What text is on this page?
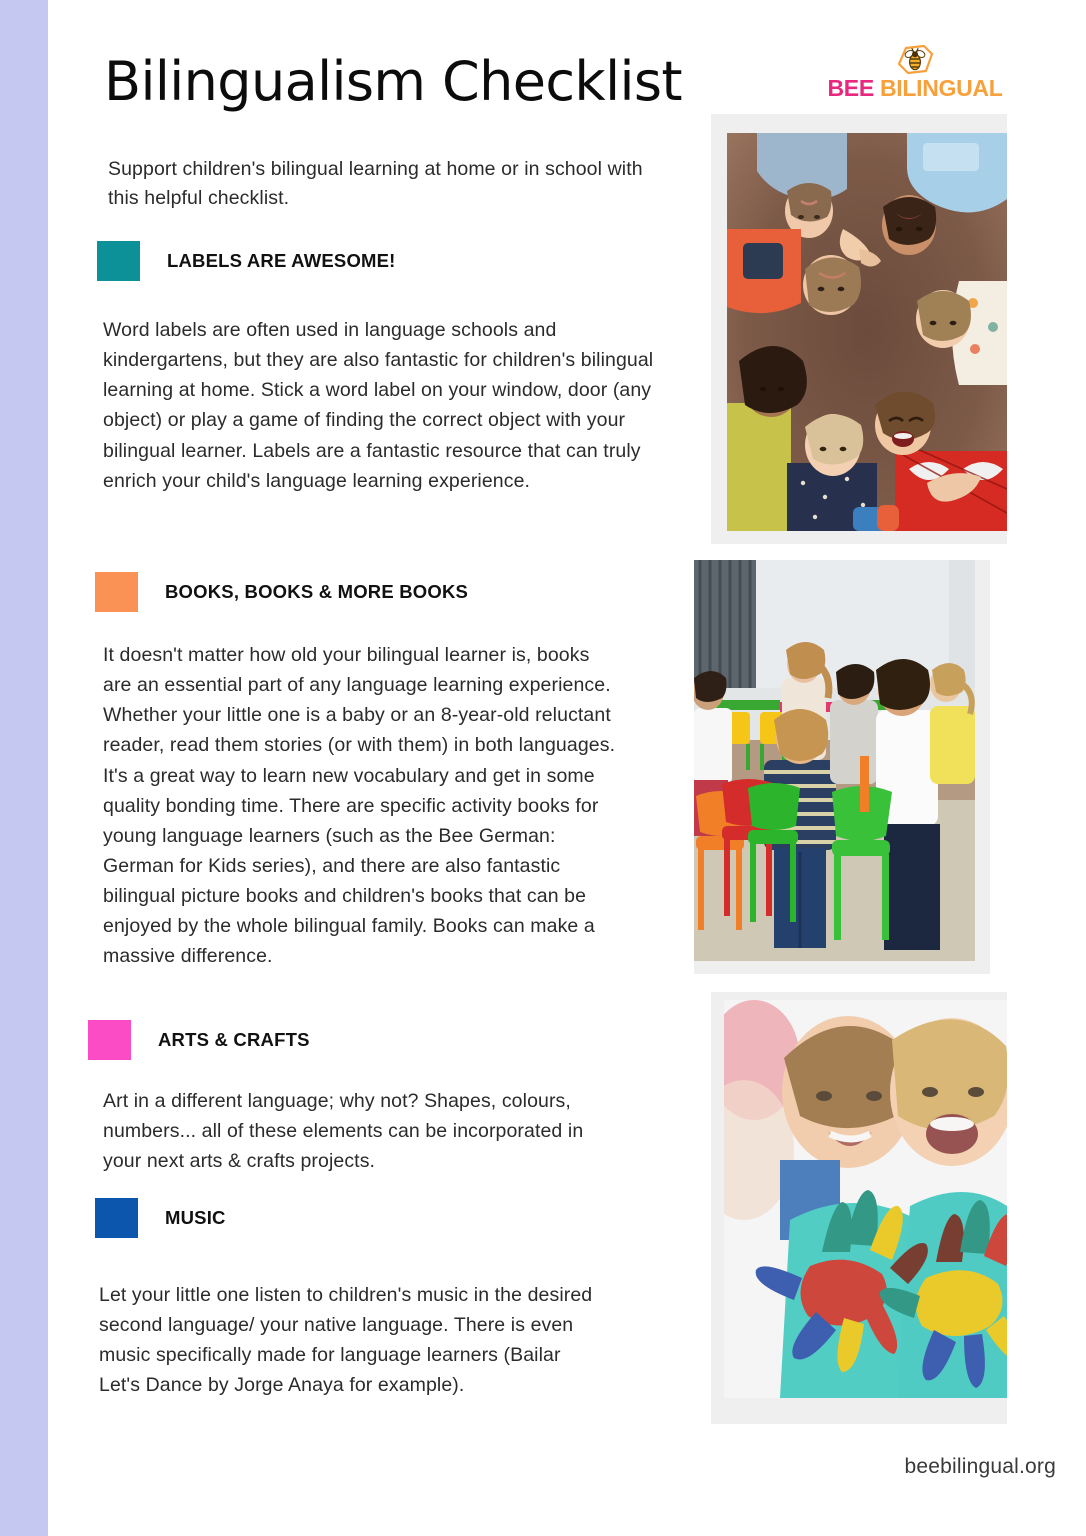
Bilingualism Checklist
Support children's bilingual learning at home or in school with this helpful checklist.
BEE BILINGUAL
LABELS ARE AWESOME!
Word labels are often used in language schools and kindergartens, but they are also fantastic for children's bilingual learning at home. Stick a word label on your window, door (any object) or play a game of finding the correct object with your bilingual learner. Labels are a fantastic resource that can truly enrich your child's language learning experience.
BOOKS, BOOKS & MORE BOOKS
It doesn't matter how old your bilingual learner is, books are an essential part of any language learning experience. Whether your little one is a baby or an 8-year-old reluctant reader, read them stories (or with them) in both languages. It's a great way to learn new vocabulary and get in some quality bonding time. There are specific activity books for young language learners (such as the Bee German: German for Kids series), and there are also fantastic bilingual picture books and children's books that can be enjoyed by the whole bilingual family. Books can make a massive difference.
ARTS & CRAFTS
Art in a different language; why not? Shapes, colours, numbers... all of these elements can be incorporated in your next arts & crafts projects.
MUSIC
Let your little one listen to children's music in the desired second language/ your native language. There is even music specifically made for language learners (Bailar Let's Dance by Jorge Anaya for example).
beebilingual.org
